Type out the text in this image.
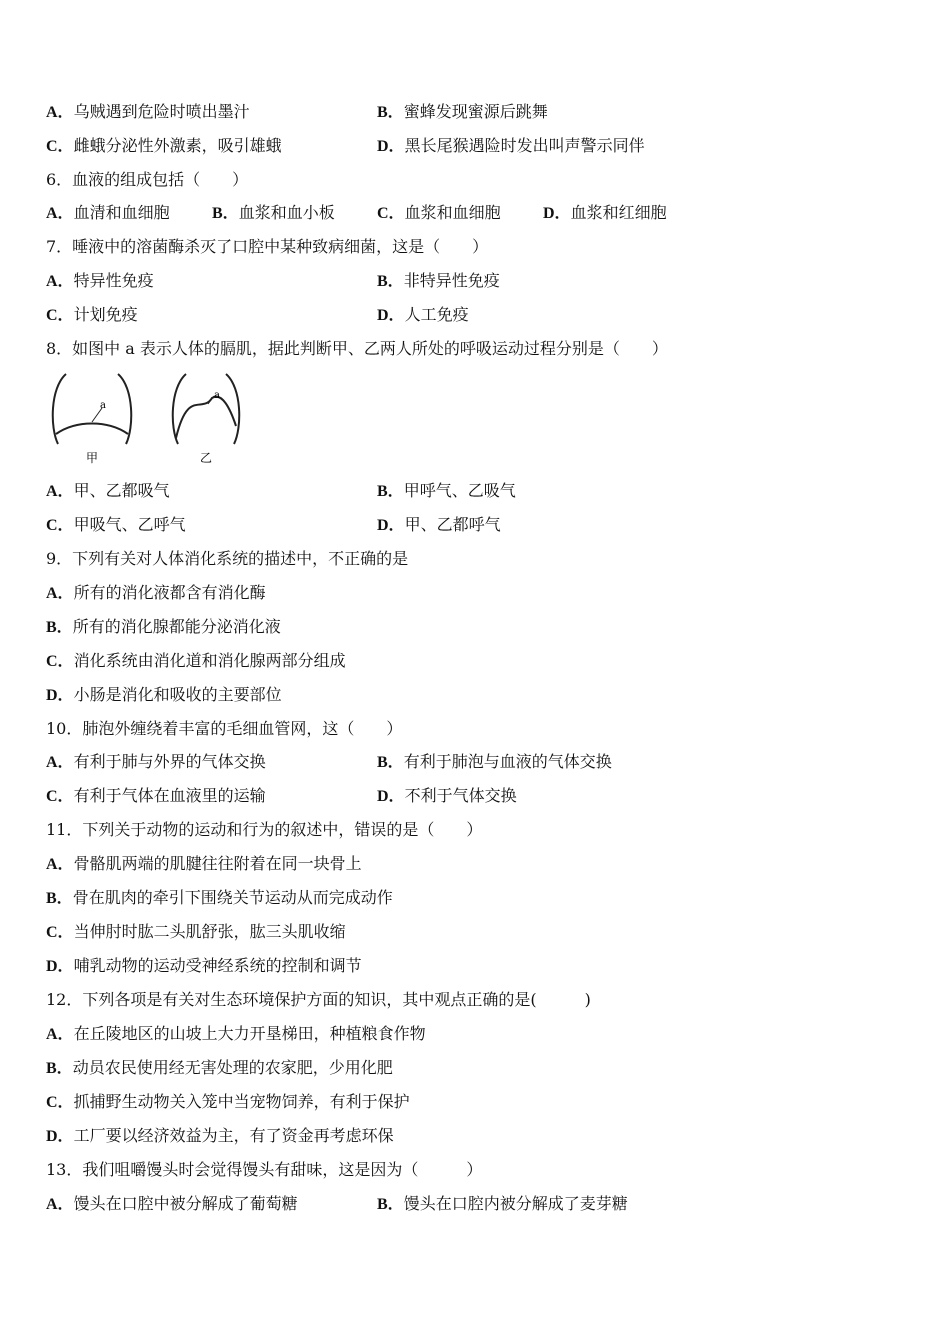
A．乌贼遇到危险时喷出墨汁	B．蜜蜂发现蜜源后跳舞
C．雌蛾分泌性外激素，吸引雄蛾	D．黑长尾猴遇险时发出叫声警示同伴
6．血液的组成包括（　　）
A．血清和血细胞	B．血浆和血小板	C．血浆和血细胞	D．血浆和红细胞
7．唾液中的溶菌酶杀灭了口腔中某种致病细菌，这是（　　）
A．特异性免疫	B．非特异性免疫
C．计划免疫	D．人工免疫
8．如图中 a 表示人体的膈肌，据此判断甲、乙两人所处的呼吸运动过程分别是（　　）
a
甲
a
乙
A．甲、乙都吸气	B．甲呼气、乙吸气
C．甲吸气、乙呼气	D．甲、乙都呼气
9．下列有关对人体消化系统的描述中，不正确的是
A．所有的消化液都含有消化酶
B．所有的消化腺都能分泌消化液
C．消化系统由消化道和消化腺两部分组成
D．小肠是消化和吸收的主要部位
10．肺泡外缠绕着丰富的毛细血管网，这（　　）
A．有利于肺与外界的气体交换	B．有利于肺泡与血液的气体交换
C．有利于气体在血液里的运输	D．不利于气体交换
11．下列关于动物的运动和行为的叙述中，错误的是（　　）
A．骨骼肌两端的肌腱往往附着在同一块骨上
B．骨在肌肉的牵引下围绕关节运动从而完成动作
C．当伸肘时肱二头肌舒张，肱三头肌收缩
D．哺乳动物的运动受神经系统的控制和调节
12．下列各项是有关对生态环境保护方面的知识，其中观点正确的是(　　　)
A．在丘陵地区的山坡上大力开垦梯田，种植粮食作物
B．动员农民使用经无害处理的农家肥，少用化肥
C．抓捕野生动物关入笼中当宠物饲养，有利于保护
D．工厂要以经济效益为主，有了资金再考虑环保
13．我们咀嚼馒头时会觉得馒头有甜味，这是因为（　　　）
A．馒头在口腔中被分解成了葡萄糖	B．馒头在口腔内被分解成了麦芽糖
